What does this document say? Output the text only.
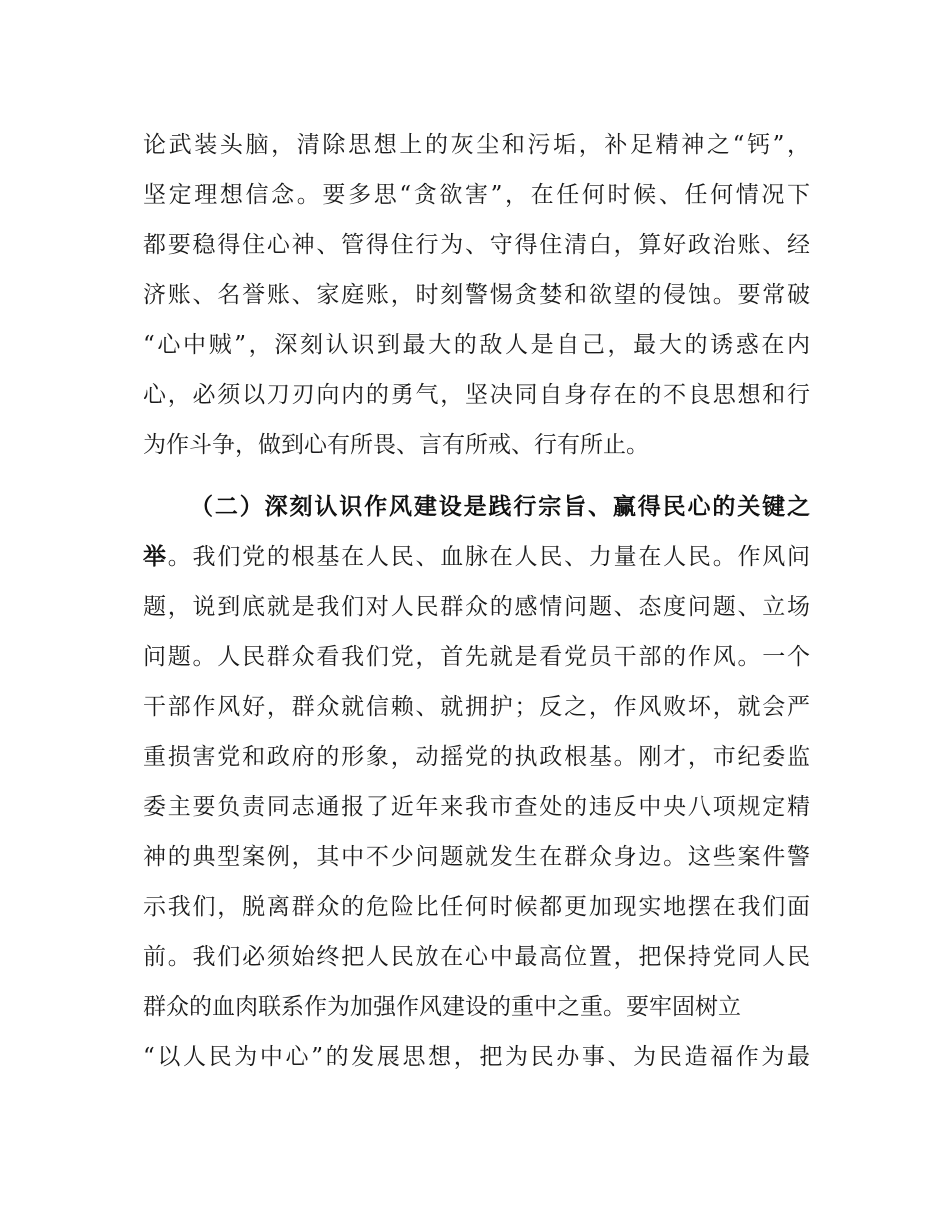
论武装头脑，清除思想上的灰尘和污垢，补足精神之“钙”，
坚定理想信念。要多思“贪欲害”，在任何时候、任何情况下
都要稳得住心神、管得住行为、守得住清白，算好政治账、经
济账、名誉账、家庭账，时刻警惕贪婪和欲望的侵蚀。要常破
“心中贼”，深刻认识到最大的敌人是自己，最大的诱惑在内
心，必须以刀刃向内的勇气，坚决同自身存在的不良思想和行
为作斗争，做到心有所畏、言有所戒、行有所止。
（二）深刻认识作风建设是践行宗旨、赢得民心的关键之
举。我们党的根基在人民、血脉在人民、力量在人民。作风问
题，说到底就是我们对人民群众的感情问题、态度问题、立场
问题。人民群众看我们党，首先就是看党员干部的作风。一个
干部作风好，群众就信赖、就拥护；反之，作风败坏，就会严
重损害党和政府的形象，动摇党的执政根基。刚才，市纪委监
委主要负责同志通报了近年来我市查处的违反中央八项规定精
神的典型案例，其中不少问题就发生在群众身边。这些案件警
示我们，脱离群众的危险比任何时候都更加现实地摆在我们面
前。我们必须始终把人民放在心中最高位置，把保持党同人民
群众的血肉联系作为加强作风建设的重中之重。要牢固树立
“以人民为中心”的发展思想，把为民办事、为民造福作为最
